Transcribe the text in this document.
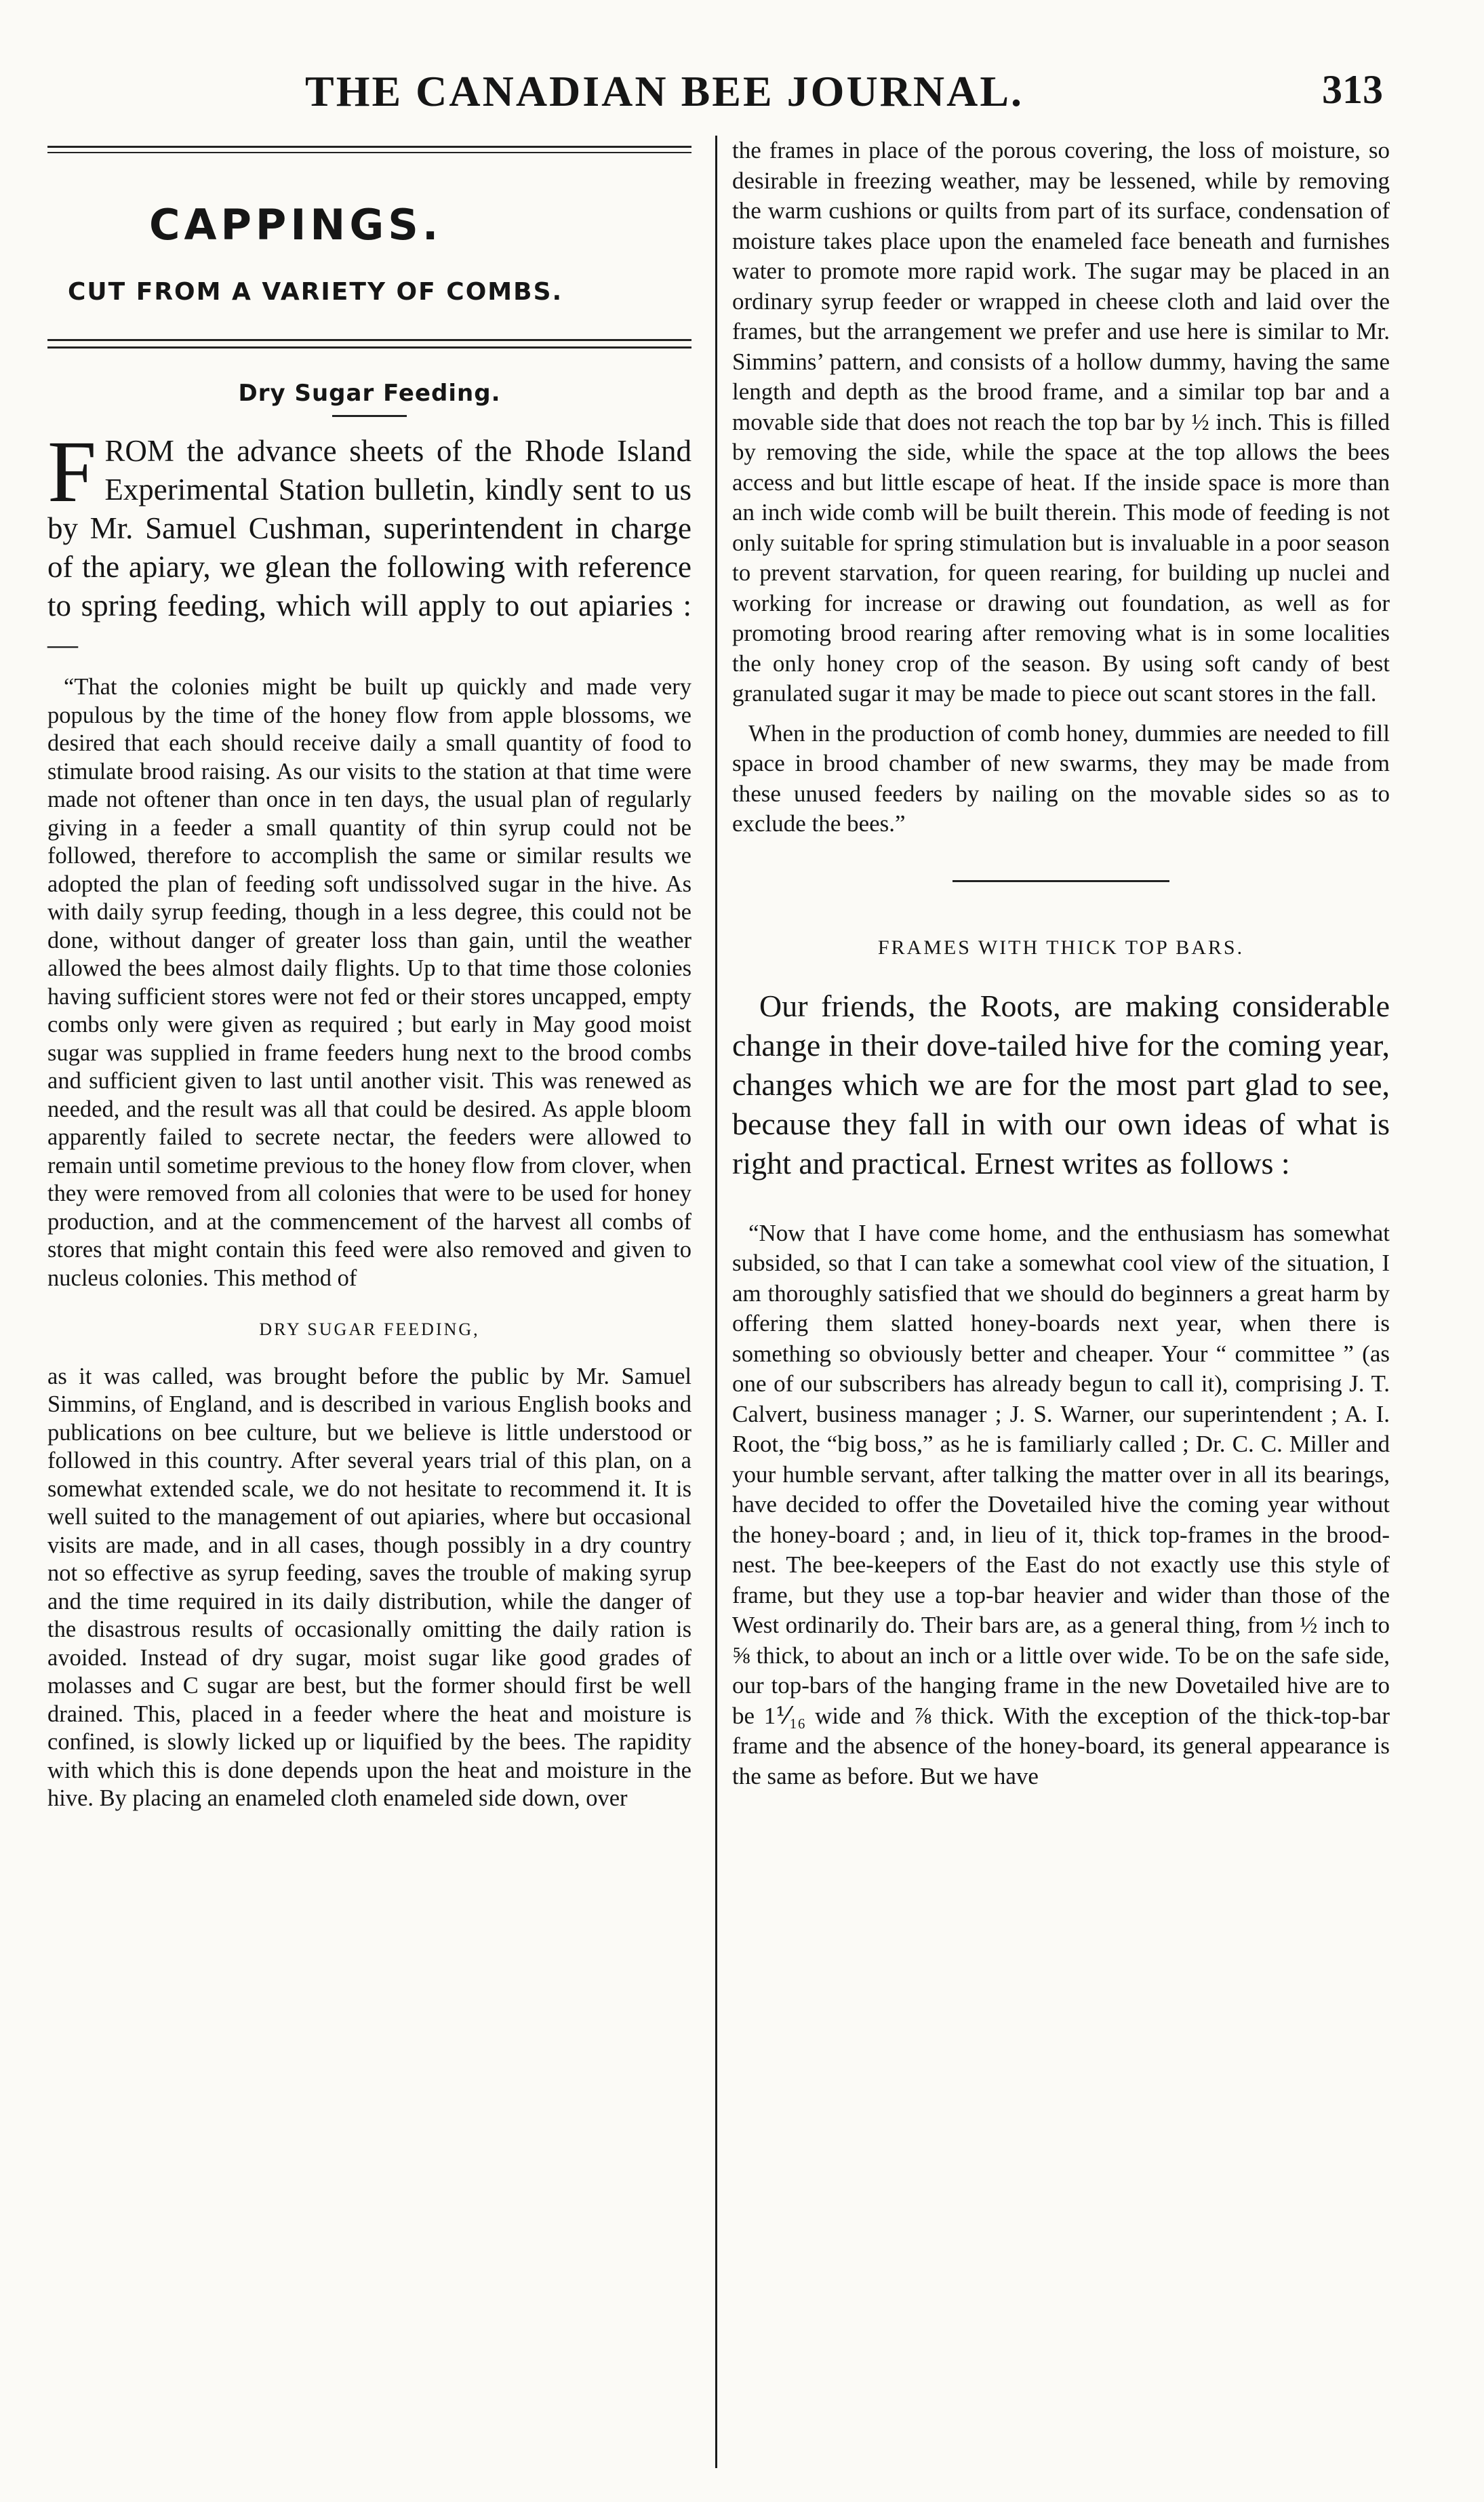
THE CANADIAN BEE JOURNAL.	313
CAPPINGS.
CUT FROM A VARIETY OF COMBS.
Dry Sugar Feeding.

FROM the advance sheets of the Rhode Island Experimental Station bulletin, kindly sent to us by Mr. Samuel Cushman, superintendent in charge of the apiary, we glean the following with reference to spring feeding, which will apply to out apiaries :—

“That the colonies might be built up quickly and made very populous by the time of the honey flow from apple blossoms, we desired that each should receive daily a small quantity of food to stimulate brood raising. As our visits to the station at that time were made not oftener than once in ten days, the usual plan of regularly giving in a feeder a small quantity of thin syrup could not be followed, therefore to accomplish the same or similar results we adopted the plan of feeding soft undissolved sugar in the hive. As with daily syrup feeding, though in a less degree, this could not be done, without danger of greater loss than gain, until the weather allowed the bees almost daily flights. Up to that time those colonies having sufficient stores were not fed or their stores uncapped, empty combs only were given as required ; but early in May good moist sugar was supplied in frame feeders hung next to the brood combs and sufficient given to last until another visit. This was renewed as needed, and the result was all that could be desired. As apple bloom apparently failed to secrete nectar, the feeders were allowed to remain until sometime previous to the honey flow from clover, when they were removed from all colonies that were to be used for honey production, and at the commencement of the harvest all combs of stores that might contain this feed were also removed and given to nucleus colonies. This method of

DRY SUGAR FEEDING,

as it was called, was brought before the public by Mr. Samuel Simmins, of England, and is described in various English books and publications on bee culture, but we believe is little understood or followed in this country. After several years trial of this plan, on a somewhat extended scale, we do not hesitate to recommend it. It is well suited to the management of out apiaries, where but occasional visits are made, and in all cases, though possibly in a dry country not so effective as syrup feeding, saves the trouble of making syrup and the time required in its daily distribution, while the danger of the disastrous results of occasionally omitting the daily ration is avoided. Instead of dry sugar, moist sugar like good grades of molasses and C sugar are best, but the former should first be well drained. This, placed in a feeder where the heat and moisture is confined, is slowly licked up or liquified by the bees. The rapidity with which this is done depends upon the heat and moisture in the hive. By placing an enameled cloth enameled side down, over

the frames in place of the porous covering, the loss of moisture, so desirable in freezing weather, may be lessened, while by removing the warm cushions or quilts from part of its surface, condensation of moisture takes place upon the enameled face beneath and furnishes water to promote more rapid work. The sugar may be placed in an ordinary syrup feeder or wrapped in cheese cloth and laid over the frames, but the arrangement we prefer and use here is similar to Mr. Simmins’ pattern, and consists of a hollow dummy, having the same length and depth as the brood frame, and a similar top bar and a movable side that does not reach the top bar by ½ inch. This is filled by removing the side, while the space at the top allows the bees access and but little escape of heat. If the inside space is more than an inch wide comb will be built therein. This mode of feeding is not only suitable for spring stimulation but is invaluable in a poor season to prevent starvation, for queen rearing, for building up nuclei and working for increase or drawing out foundation, as well as for promoting brood rearing after removing what is in some localities the only honey crop of the season. By using soft candy of best granulated sugar it may be made to piece out scant stores in the fall.

When in the production of comb honey, dummies are needed to fill space in brood chamber of new swarms, they may be made from these unused feeders by nailing on the movable sides so as to exclude the bees.”

FRAMES WITH THICK TOP BARS.

Our friends, the Roots, are making considerable change in their dove-tailed hive for the coming year, changes which we are for the most part glad to see, because they fall in with our own ideas of what is right and practical. Ernest writes as follows :

“Now that I have come home, and the enthusiasm has somewhat subsided, so that I can take a somewhat cool view of the situation, I am thoroughly satisfied that we should do beginners a great harm by offering them slatted honey-boards next year, when there is something so obviously better and cheaper. Your “ committee ” (as one of our subscribers has already begun to call it), comprising J. T. Calvert, business manager ; J. S. Warner, our superintendent ; A. I. Root, the “big boss,” as he is familiarly called ; Dr. C. C. Miller and your humble servant, after talking the matter over in all its bearings, have decided to offer the Dovetailed hive the coming year without the honey-board ; and, in lieu of it, thick top-frames in the brood-nest. The bee-keepers of the East do not exactly use this style of frame, but they use a top-bar heavier and wider than those of the West ordinarily do. Their bars are, as a general thing, from ½ inch to ⅝ thick, to about an inch or a little over wide. To be on the safe side, our top-bars of the hanging frame in the new Dovetailed hive are to be 1⅟₁₆ wide and ⅞ thick. With the exception of the thick-top-bar frame and the absence of the honey-board, its general appearance is the same as before. But we have
